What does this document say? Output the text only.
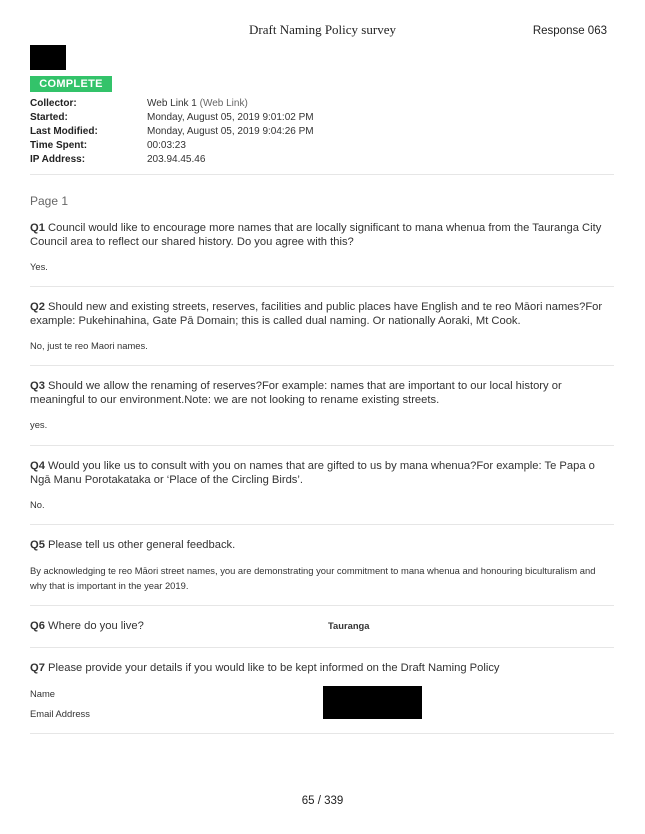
Draft Naming Policy survey	Response 063
COMPLETE
Collector:	Web Link 1 (Web Link)
Started:	Monday, August 05, 2019 9:01:02 PM
Last Modified:	Monday, August 05, 2019 9:04:26 PM
Time Spent:	00:03:23
IP Address:	203.94.45.46
Page 1
Q1 Council would like to encourage more names that are locally significant to mana whenua from the Tauranga City Council area to reflect our shared history. Do you agree with this?
Yes.
Q2 Should new and existing streets, reserves, facilities and public places have English and te reo Māori names?For example: Pukehinahina, Gate Pā Domain; this is called dual naming. Or nationally Aoraki, Mt Cook.
No, just te reo Maori names.
Q3 Should we allow the renaming of reserves?For example: names that are important to our local history or meaningful to our environment.Note: we are not looking to rename existing streets.
yes.
Q4 Would you like us to consult with you on names that are gifted to us by mana whenua?For example: Te Papa o Ngā Manu Porotakataka or ‘Place of the Circling Birds’.
No.
Q5 Please tell us other general feedback.
By acknowledging te reo Māori street names, you are demonstrating your commitment to mana whenua and honouring biculturalism and why that is important in the year 2019.
Q6 Where do you live?	Tauranga
Q7 Please provide your details if you would like to be kept informed on the Draft Naming Policy
Name
Email Address
65 / 339
